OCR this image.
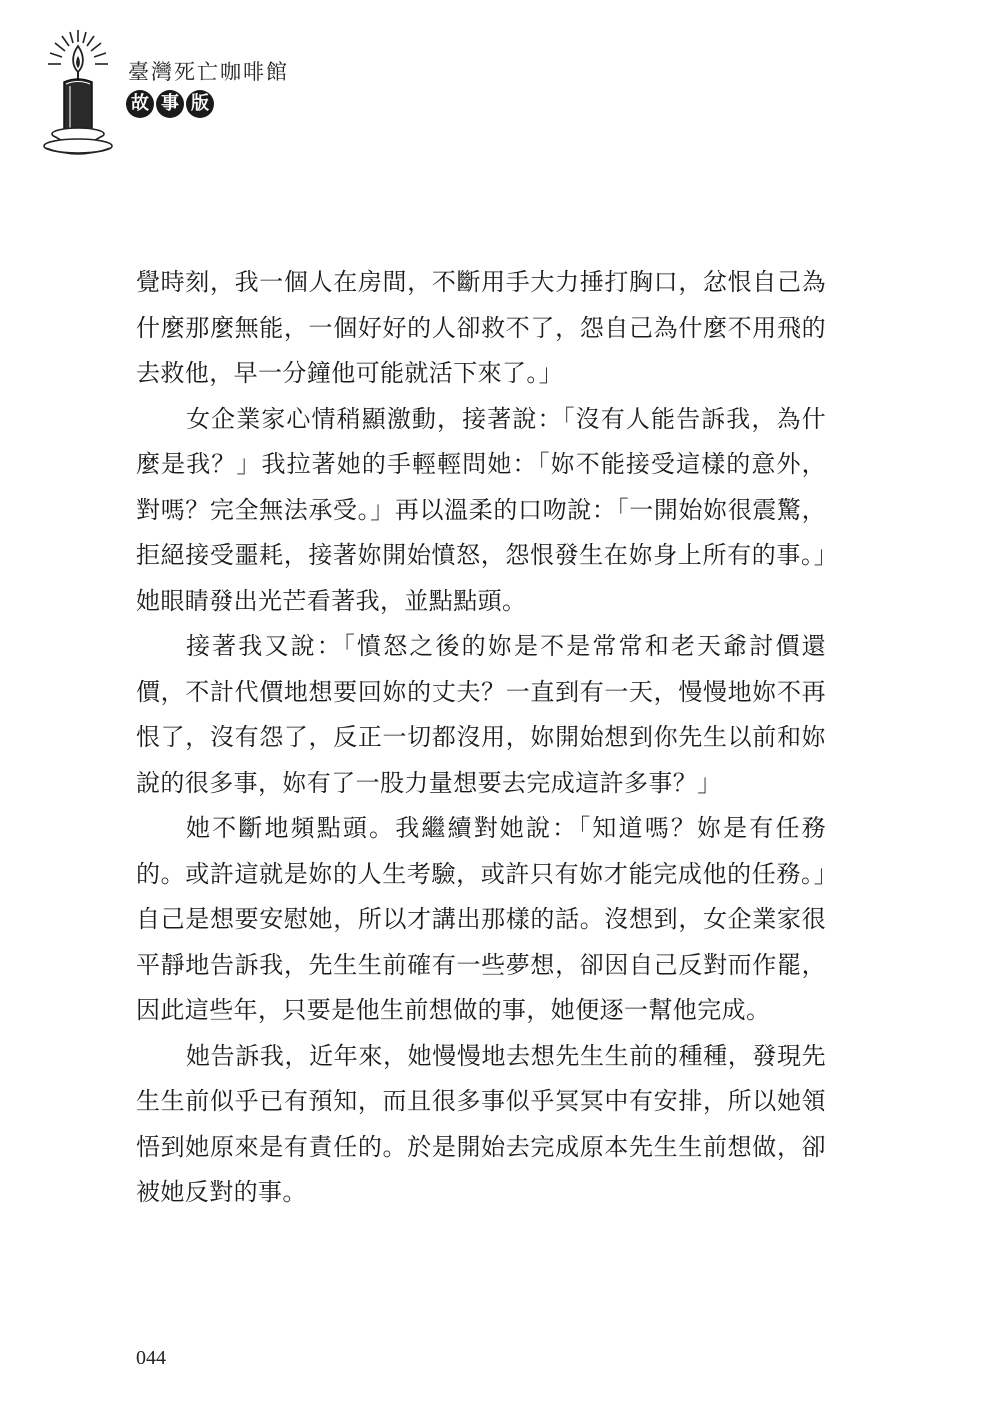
臺灣死亡咖啡館
故 事 版

覺時刻，我一個人在房間，不斷用手大力捶打胸口，忿恨自己為什麼那麼無能，一個好好的人卻救不了，怨自己為什麼不用飛的去救他，早一分鐘他可能就活下來了。」

女企業家心情稍顯激動，接著說：「沒有人能告訴我，為什麼是我？」我拉著她的手輕輕問她：「妳不能接受這樣的意外，對嗎？完全無法承受。」再以溫柔的口吻說：「一開始妳很震驚，拒絕接受噩耗，接著妳開始憤怒，怨恨發生在妳身上所有的事。」她眼睛發出光芒看著我，並點點頭。

接著我又說：「憤怒之後的妳是不是常常和老天爺討價還價，不計代價地想要回妳的丈夫？一直到有一天，慢慢地妳不再恨了，沒有怨了，反正一切都沒用，妳開始想到你先生以前和妳說的很多事，妳有了一股力量想要去完成這許多事？」

她不斷地頻點頭。我繼續對她說：「知道嗎？妳是有任務的。或許這就是妳的人生考驗，或許只有妳才能完成他的任務。」自己是想要安慰她，所以才講出那樣的話。沒想到，女企業家很平靜地告訴我，先生生前確有一些夢想，卻因自己反對而作罷，因此這些年，只要是他生前想做的事，她便逐一幫他完成。

她告訴我，近年來，她慢慢地去想先生生前的種種，發現先生生前似乎已有預知，而且很多事似乎冥冥中有安排，所以她領悟到她原來是有責任的。於是開始去完成原本先生生前想做，卻被她反對的事。

044
